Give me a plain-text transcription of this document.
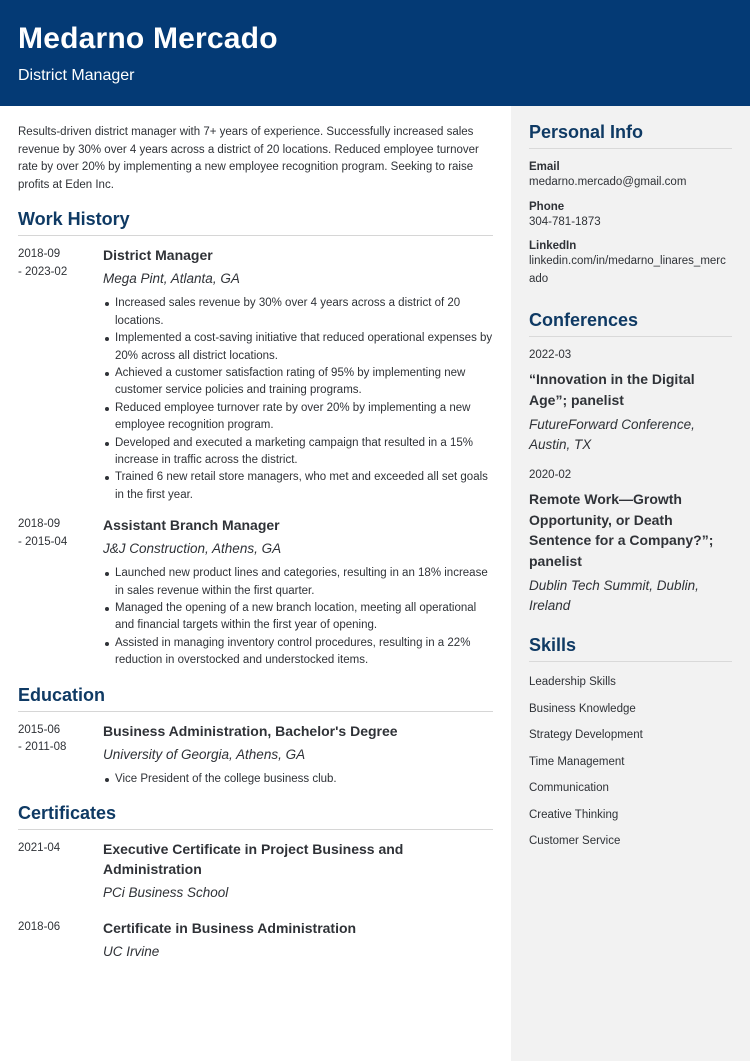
Medarno Mercado
District Manager

Results-driven district manager with 7+ years of experience. Successfully increased sales revenue by 30% over 4 years across a district of 20 locations. Reduced employee turnover rate by over 20% by implementing a new employee recognition program. Seeking to raise profits at Eden Inc.

Work History
2018-09
- 2023-02
District Manager
Mega Pint, Atlanta, GA
Increased sales revenue by 30% over 4 years across a district of 20 locations.
Implemented a cost-saving initiative that reduced operational expenses by 20% across all district locations.
Achieved a customer satisfaction rating of 95% by implementing new customer service policies and training programs.
Reduced employee turnover rate by over 20% by implementing a new employee recognition program.
Developed and executed a marketing campaign that resulted in a 15% increase in traffic across the district.
Trained 6 new retail store managers, who met and exceeded all set goals in the first year.
2018-09
- 2015-04
Assistant Branch Manager
J&J Construction, Athens, GA
Launched new product lines and categories, resulting in an 18% increase in sales revenue within the first quarter.
Managed the opening of a new branch location, meeting all operational and financial targets within the first year of opening.
Assisted in managing inventory control procedures, resulting in a 22% reduction in overstocked and understocked items.
Education
2015-06
- 2011-08
Business Administration, Bachelor's Degree
University of Georgia, Athens, GA
Vice President of the college business club.
Certificates
2021-04	Executive Certificate in Project Business and Administration
PCi Business School
2018-06	Certificate in Business Administration
UC Irvine
Personal Info
Email
medarno.mercado@gmail.com
Phone
304-781-1873
LinkedIn
linkedin.com/in/medarno_linares_mercado
Conferences
2022-03
“Innovation in the Digital Age”; panelist
FutureForward Conference, Austin, TX
2020-02
Remote Work—Growth Opportunity, or Death Sentence for a Company?”; panelist
Dublin Tech Summit, Dublin, Ireland
Skills
Leadership Skills
Business Knowledge
Strategy Development
Time Management
Communication
Creative Thinking
Customer Service
